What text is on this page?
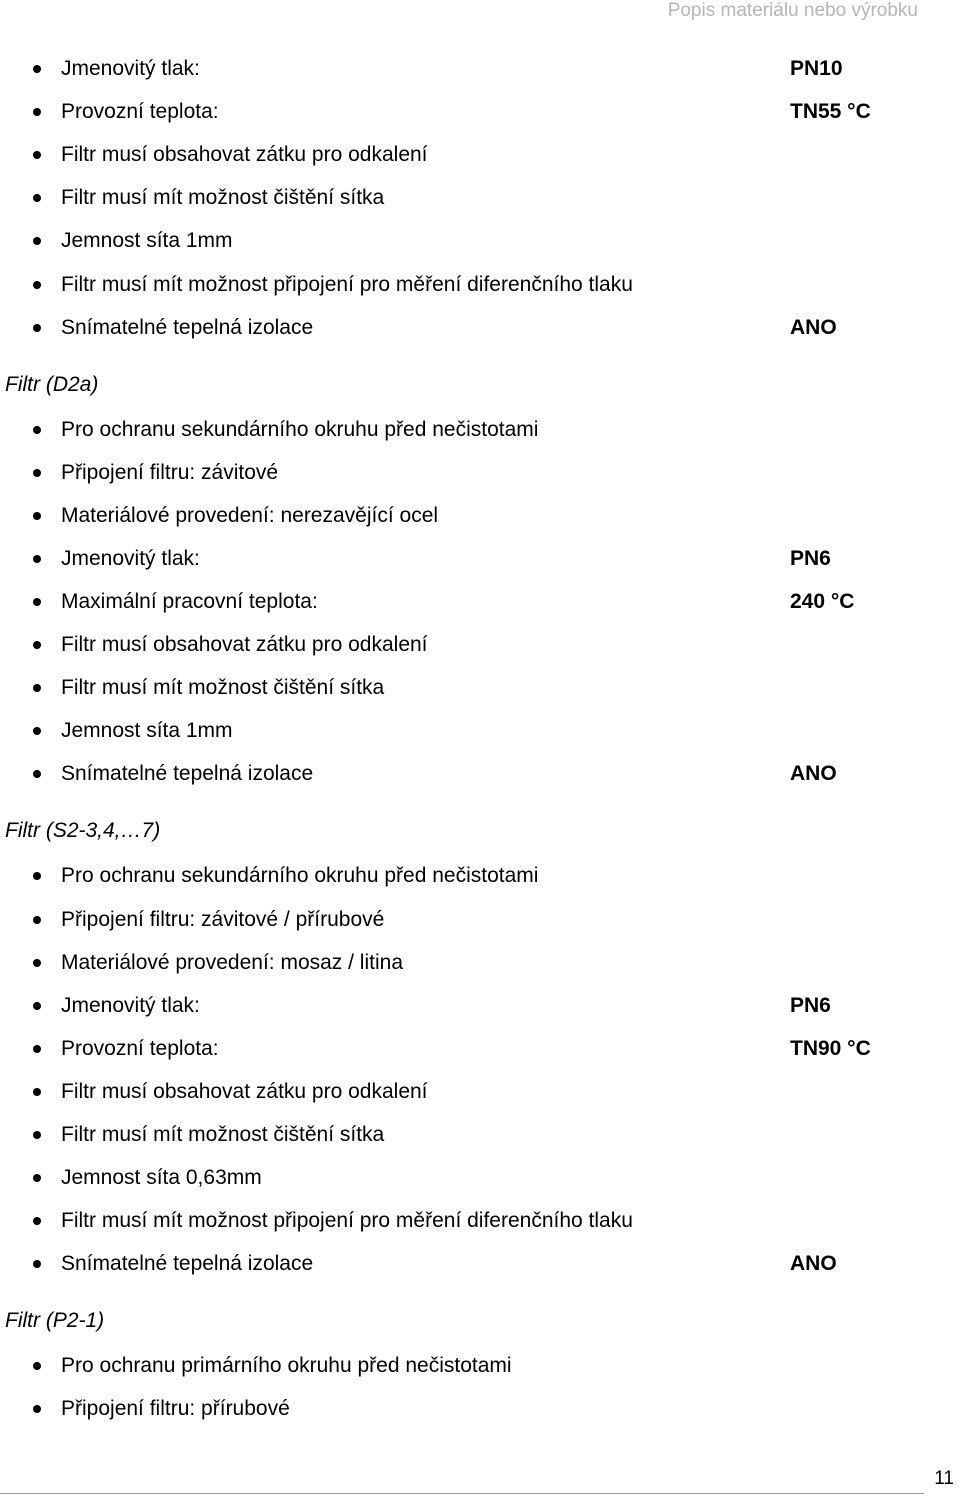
Popis materiálu nebo výrobku
Jmenovitý tlak:	PN10
Provozní teplota:	TN55 °C
Filtr musí obsahovat zátku pro odkalení
Filtr musí mít možnost čištění sítka
Jemnost síta 1mm
Filtr musí mít možnost připojení pro měření diferenčního tlaku
Snímatelné tepelná izolace	ANO
Filtr (D2a)
Pro ochranu sekundárního okruhu před nečistotami
Připojení filtru: závitové
Materiálové provedení: nerezavějící ocel
Jmenovitý tlak:	PN6
Maximální pracovní teplota:	240 °C
Filtr musí obsahovat zátku pro odkalení
Filtr musí mít možnost čištění sítka
Jemnost síta 1mm
Snímatelné tepelná izolace	ANO
Filtr (S2-3,4,…7)
Pro ochranu sekundárního okruhu před nečistotami
Připojení filtru: závitové / přírubové
Materiálové provedení: mosaz / litina
Jmenovitý tlak:	PN6
Provozní teplota:	TN90 °C
Filtr musí obsahovat zátku pro odkalení
Filtr musí mít možnost čištění sítka
Jemnost síta 0,63mm
Filtr musí mít možnost připojení pro měření diferenčního tlaku
Snímatelné tepelná izolace	ANO
Filtr (P2-1)
Pro ochranu primárního okruhu před nečistotami
Připojení filtru: přírubové
11
